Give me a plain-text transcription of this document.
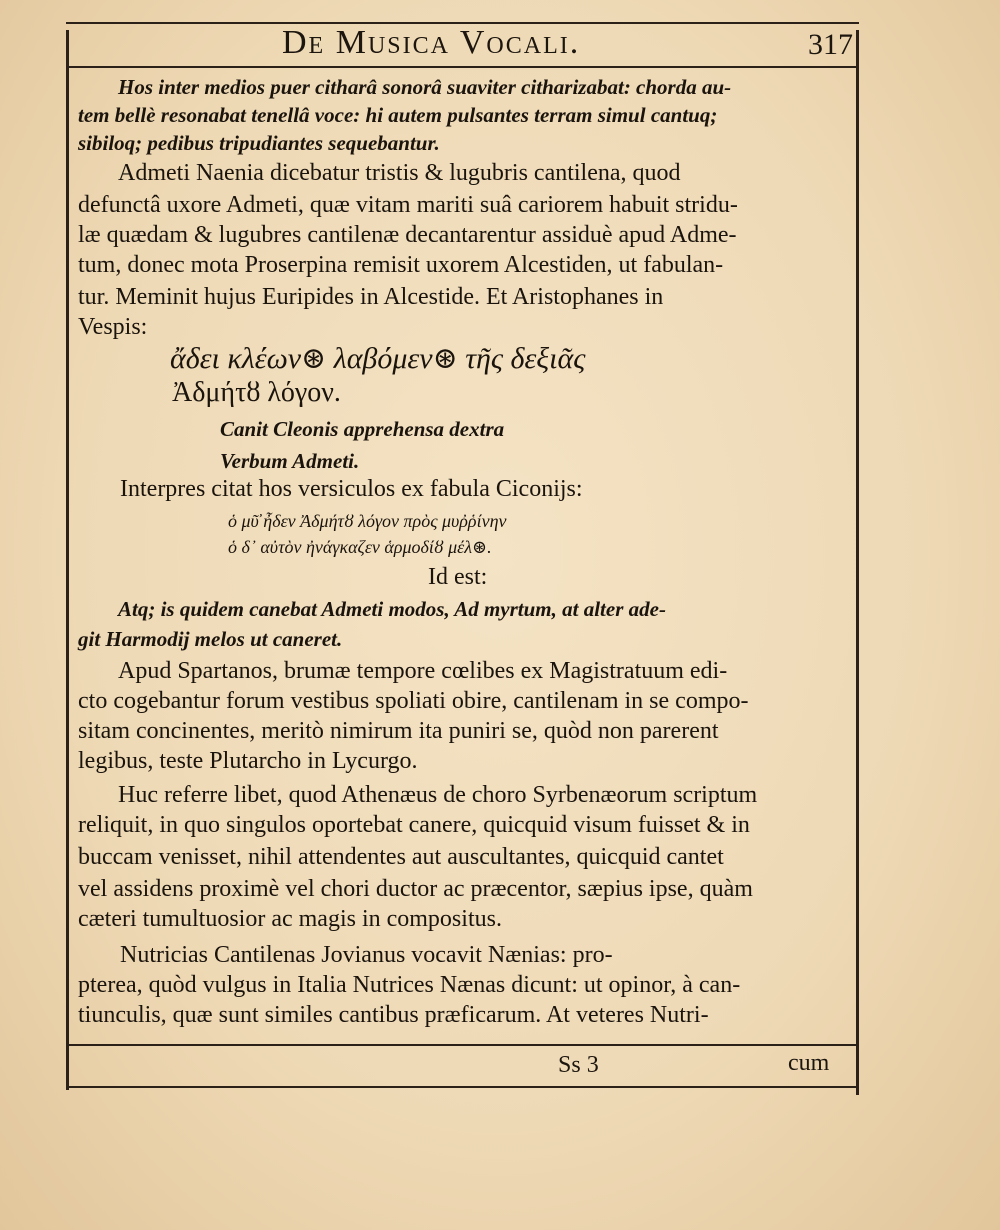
De Musica Vocali.	317
Hos inter medios puer citharâ sonorâ suaviter citharizabat: chorda au-
tem bellè resonabat tenellâ voce: hi autem pulsantes terram simul cantuq;
sibiloq; pedibus tripudiantes sequebantur.
Admeti Naenia dicebatur tristis & lugubris cantilena, quod
defunctâ uxore Admeti, quæ vitam mariti suâ cariorem habuit stridu-
læ quædam & lugubres cantilenæ decantarentur assiduè apud Adme-
tum, donec mota Proserpina remisit uxorem Alcestiden, ut fabulan-
tur. Meminit hujus Euripides in Alcestide. Et Aristophanes in
Vespis:
ἄδει κλέων⊛ λαβόμεν⊛ τῆς δεξιᾶς
Ἀδμήτȣ λόγον.
Canit Cleonis apprehensa dextra
Verbum Admeti.
Interpres citat hos versiculos ex fabula Ciconijs:
ὁ μῦ̓ ἦδεν Ἀδμήτȣ λόγον πρὸς μυῤῥίνην
ὁ δ᾽ αὐτὸν ἠνάγκαζεν ἁρμοδίȣ μέλ⊛.
Id est:
Atq; is quidem canebat Admeti modos, Ad myrtum, at alter ade-
git Harmodij melos ut caneret.
Apud Spartanos, brumæ tempore cœlibes ex Magistratuum edi-
cto cogebantur forum vestibus spoliati obire, cantilenam in se compo-
sitam concinentes, meritò nimirum ita puniri se, quòd non parerent
legibus, teste Plutarcho in Lycurgo.
Huc referre libet, quod Athenæus de choro Syrbenæorum scriptum
reliquit, in quo singulos oportebat canere, quicquid visum fuisset & in
buccam venisset, nihil attendentes aut auscultantes, quicquid cantet
vel assidens proximè vel chori ductor ac præcentor, sæpius ipse, quàm
cæteri tumultuosior ac magis in compositus.
Nutricias Cantilenas Jovianus vocavit Nænias: pro-
pterea, quòd vulgus in Italia Nutrices Nænas dicunt: ut opinor, à can-
tiunculis, quæ sunt similes cantibus præficarum. At veteres Nutri-
Ss 3	cum
